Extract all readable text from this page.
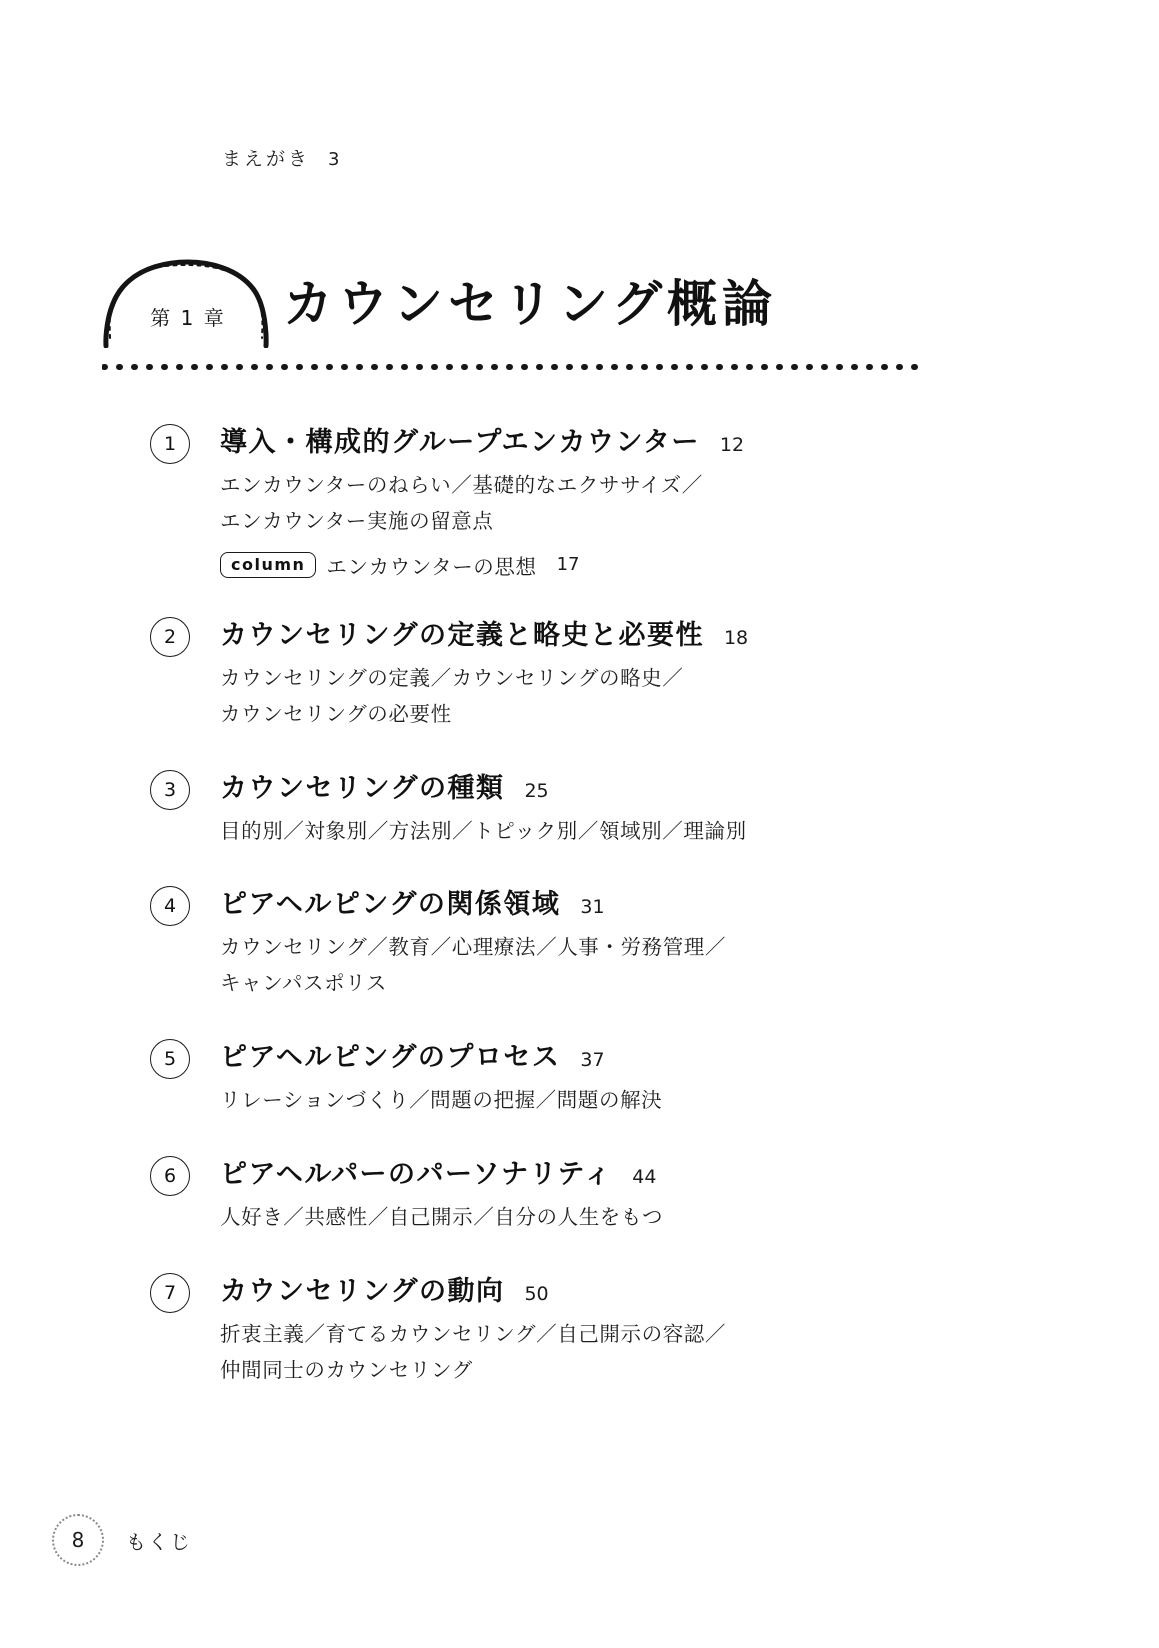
まえがき 3
第 1 章 カウンセリング概論
1	導入・構成的グループエンカウンター 12
エンカウンターのねらい／基礎的なエクササイズ／
エンカウンター実施の留意点
column	エンカウンターの思想 17
2	カウンセリングの定義と略史と必要性 18
カウンセリングの定義／カウンセリングの略史／
カウンセリングの必要性
3	カウンセリングの種類 25
目的別／対象別／方法別／トピック別／領域別／理論別
4	ピアヘルピングの関係領域 31
カウンセリング／教育／心理療法／人事・労務管理／
キャンパスポリス
5	ピアヘルピングのプロセス 37
リレーションづくり／問題の把握／問題の解決
6	ピアヘルパーのパーソナリティ 44
人好き／共感性／自己開示／自分の人生をもつ
7	カウンセリングの動向 50
折衷主義／育てるカウンセリング／自己開示の容認／
仲間同士のカウンセリング
8	もくじ
